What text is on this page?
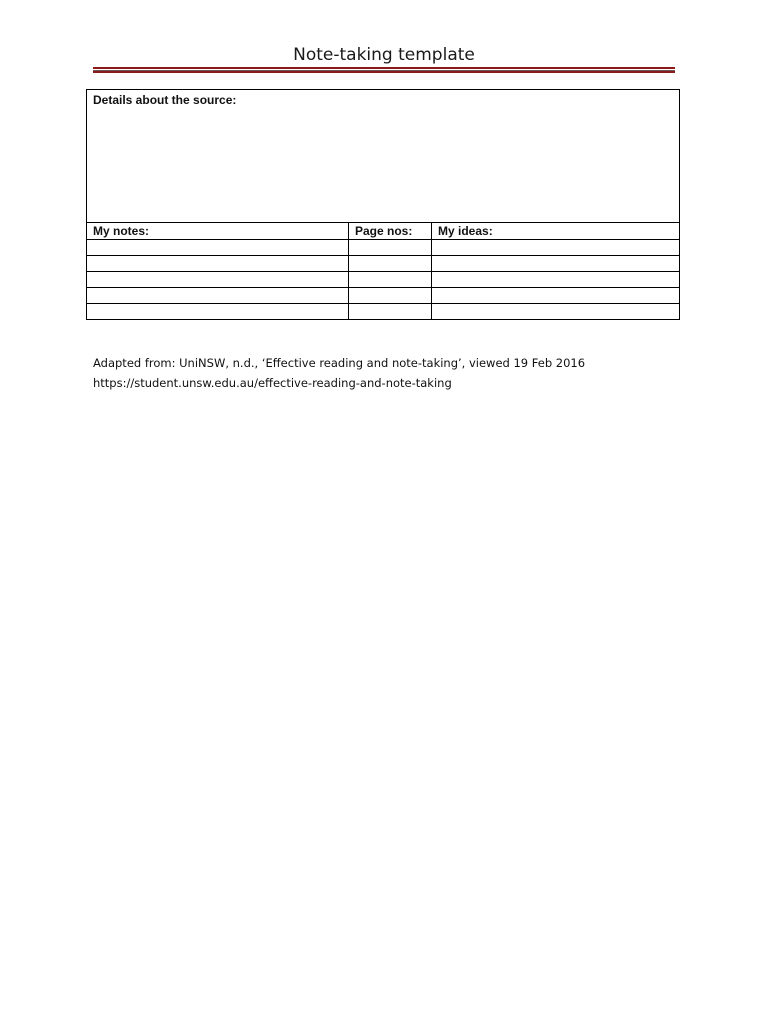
Note-taking template
Details about the source:		
My notes:	Page nos:	My ideas:

Adapted from: UniNSW, n.d., ‘Effective reading and note-taking’, viewed 19 Feb 2016
https://student.unsw.edu.au/effective-reading-and-note-taking
